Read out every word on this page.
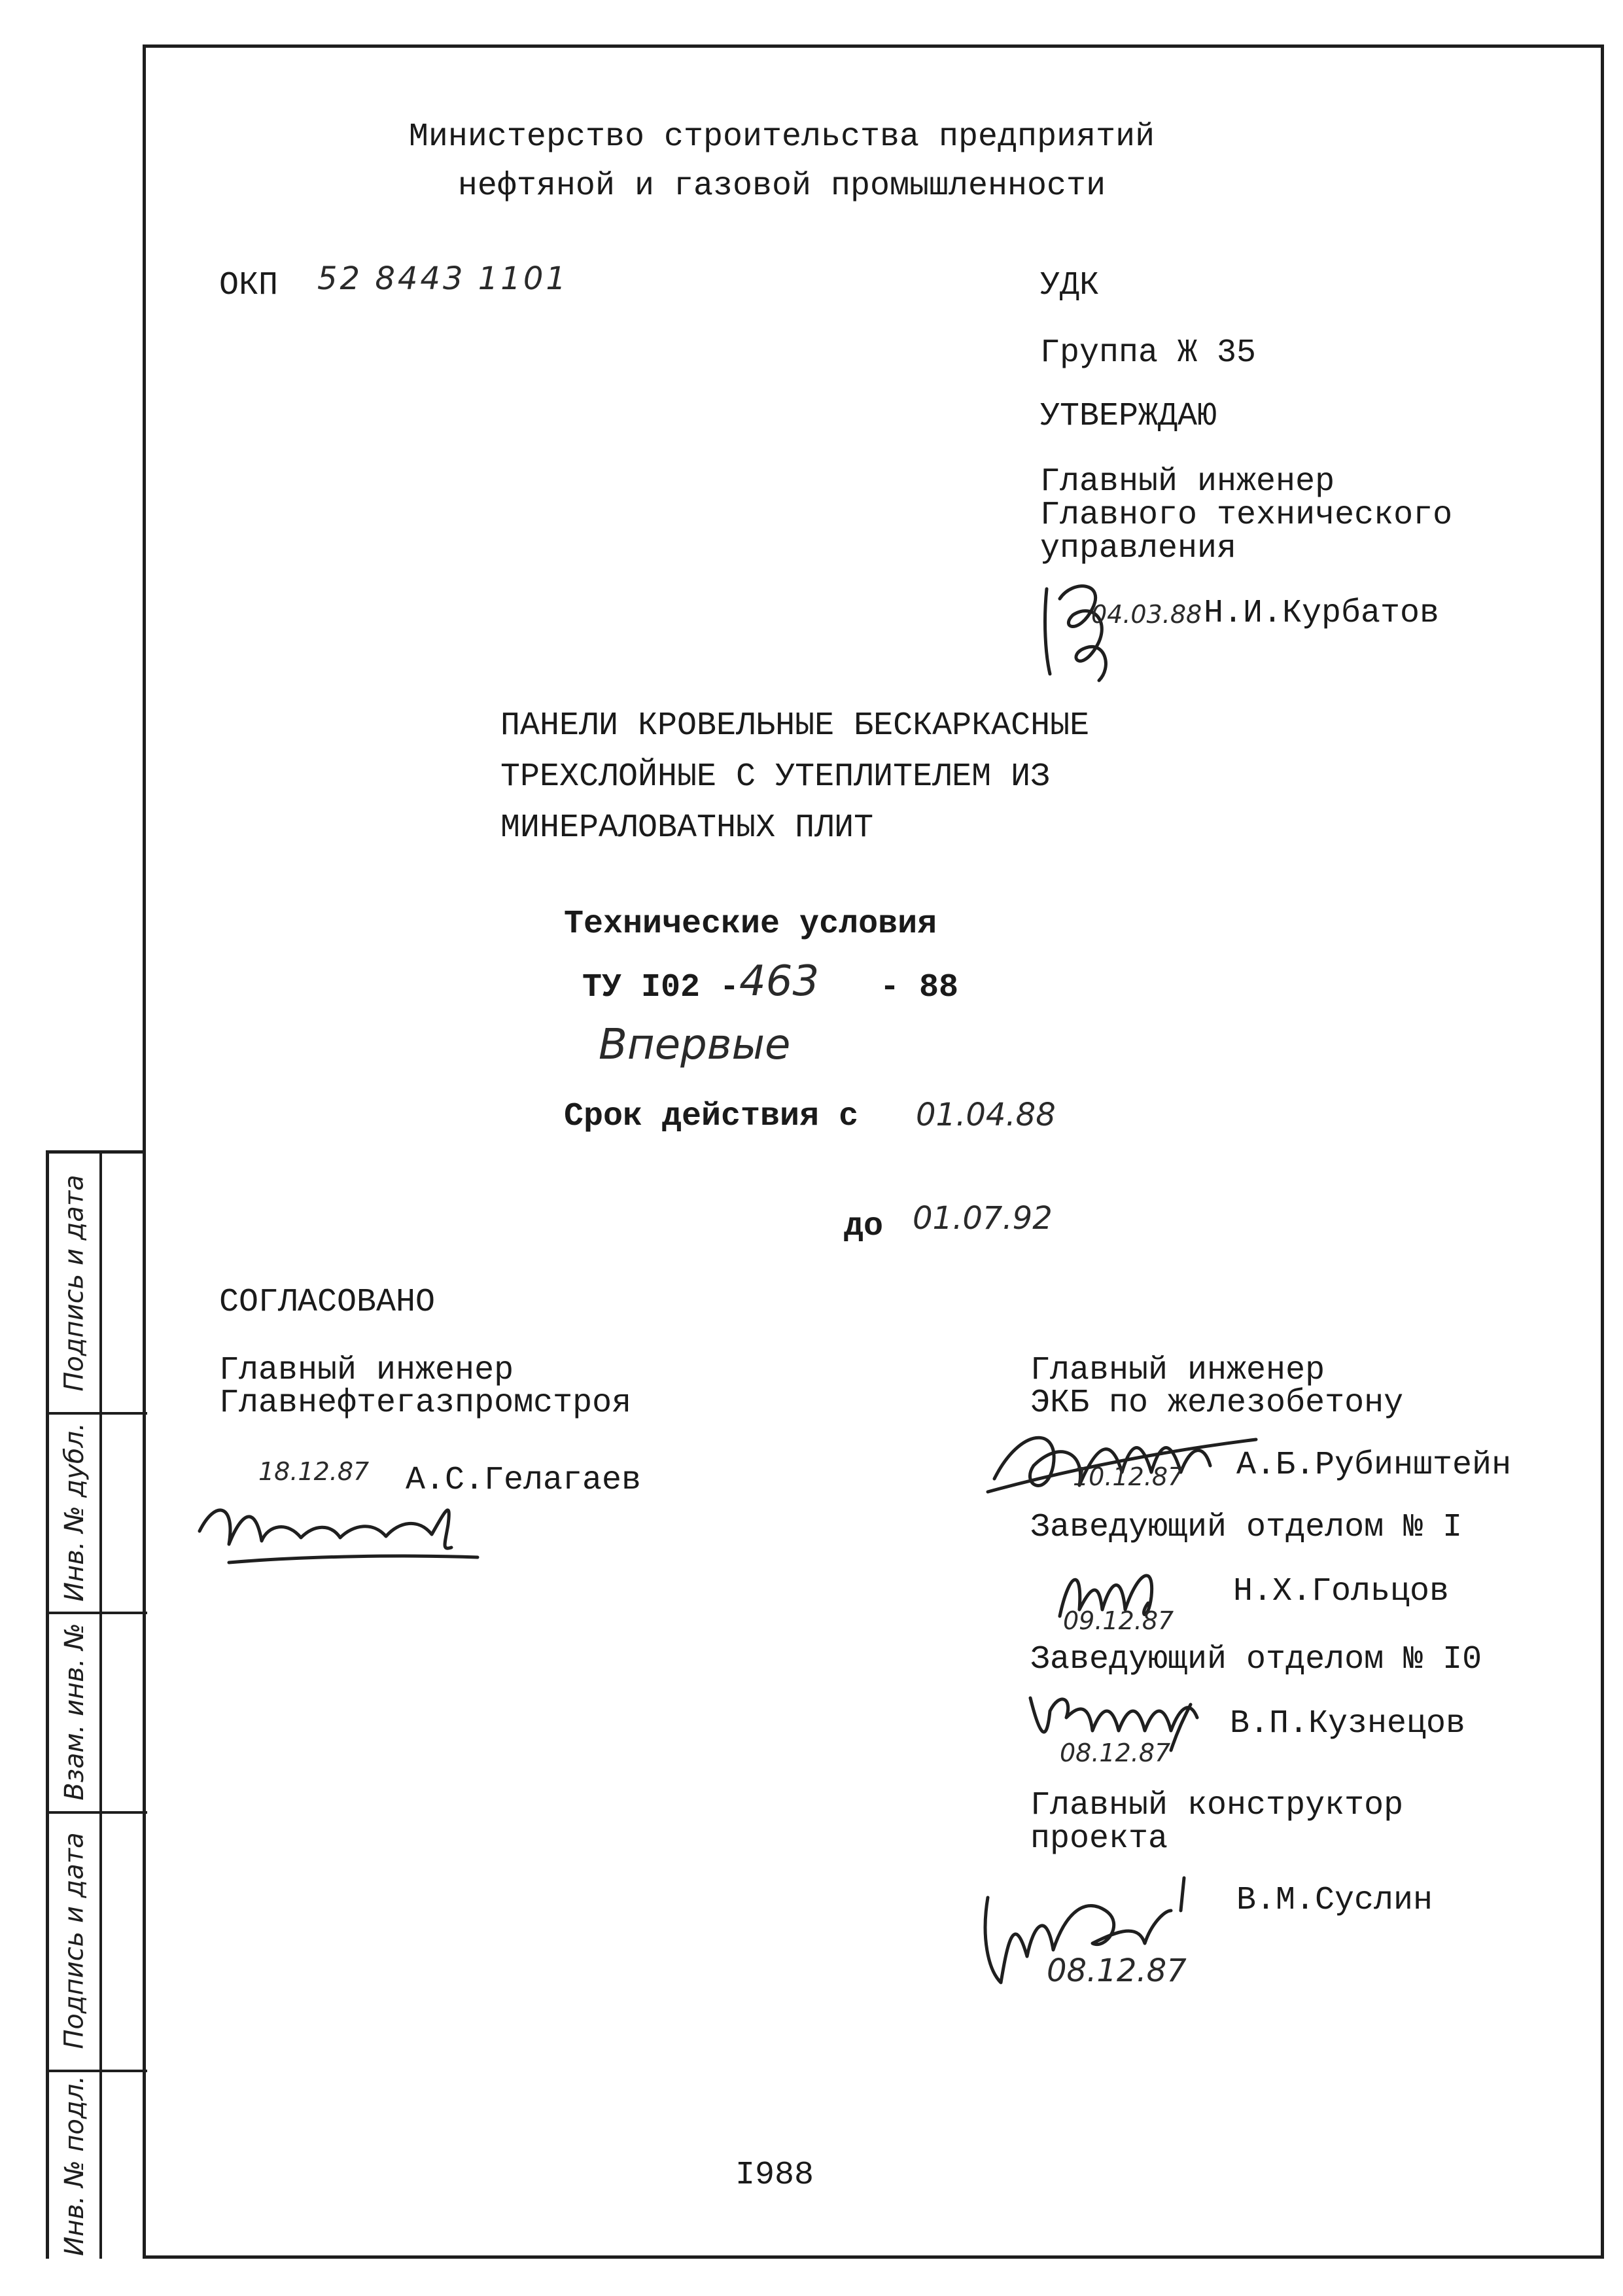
Министерство строительства предприятий
нефтяной и газовой промышленности
ОКП 52 8443 1101	УДК
Группа Ж 35
УТВЕРЖДАЮ
Главный инженер
Главного технического
управления
04.03.88 Н.И.Курбатов
ПАНЕЛИ КРОВЕЛЬНЫЕ БЕСКАРКАСНЫЕ
ТРЕХСЛОЙНЫЕ С УТЕПЛИТЕЛЕМ ИЗ
МИНЕРАЛОВАТНЫХ ПЛИТ
Технические условия
ТУ I02 - 463 - 88
Впервые
Срок действия с 01.04.88
до 01.07.92
СОГЛАСОВАНО
Главный инженер
Главнефтегазпромстроя
18.12.87 А.С.Гелагаев
Главный инженер
ЭКБ по железобетону
10.12.87 А.Б.Рубинштейн
Заведующий отделом № I
Н.Х.Гольцов
09.12.87
Заведующий отделом № I0
В.П.Кузнецов
08.12.87
Главный конструктор
проекта
В.М.Суслин
08.12.87
I988
Подпись и дата
Инв. № дубл.
Взам. инв. №
Подпись и дата
Инв. № подл.
